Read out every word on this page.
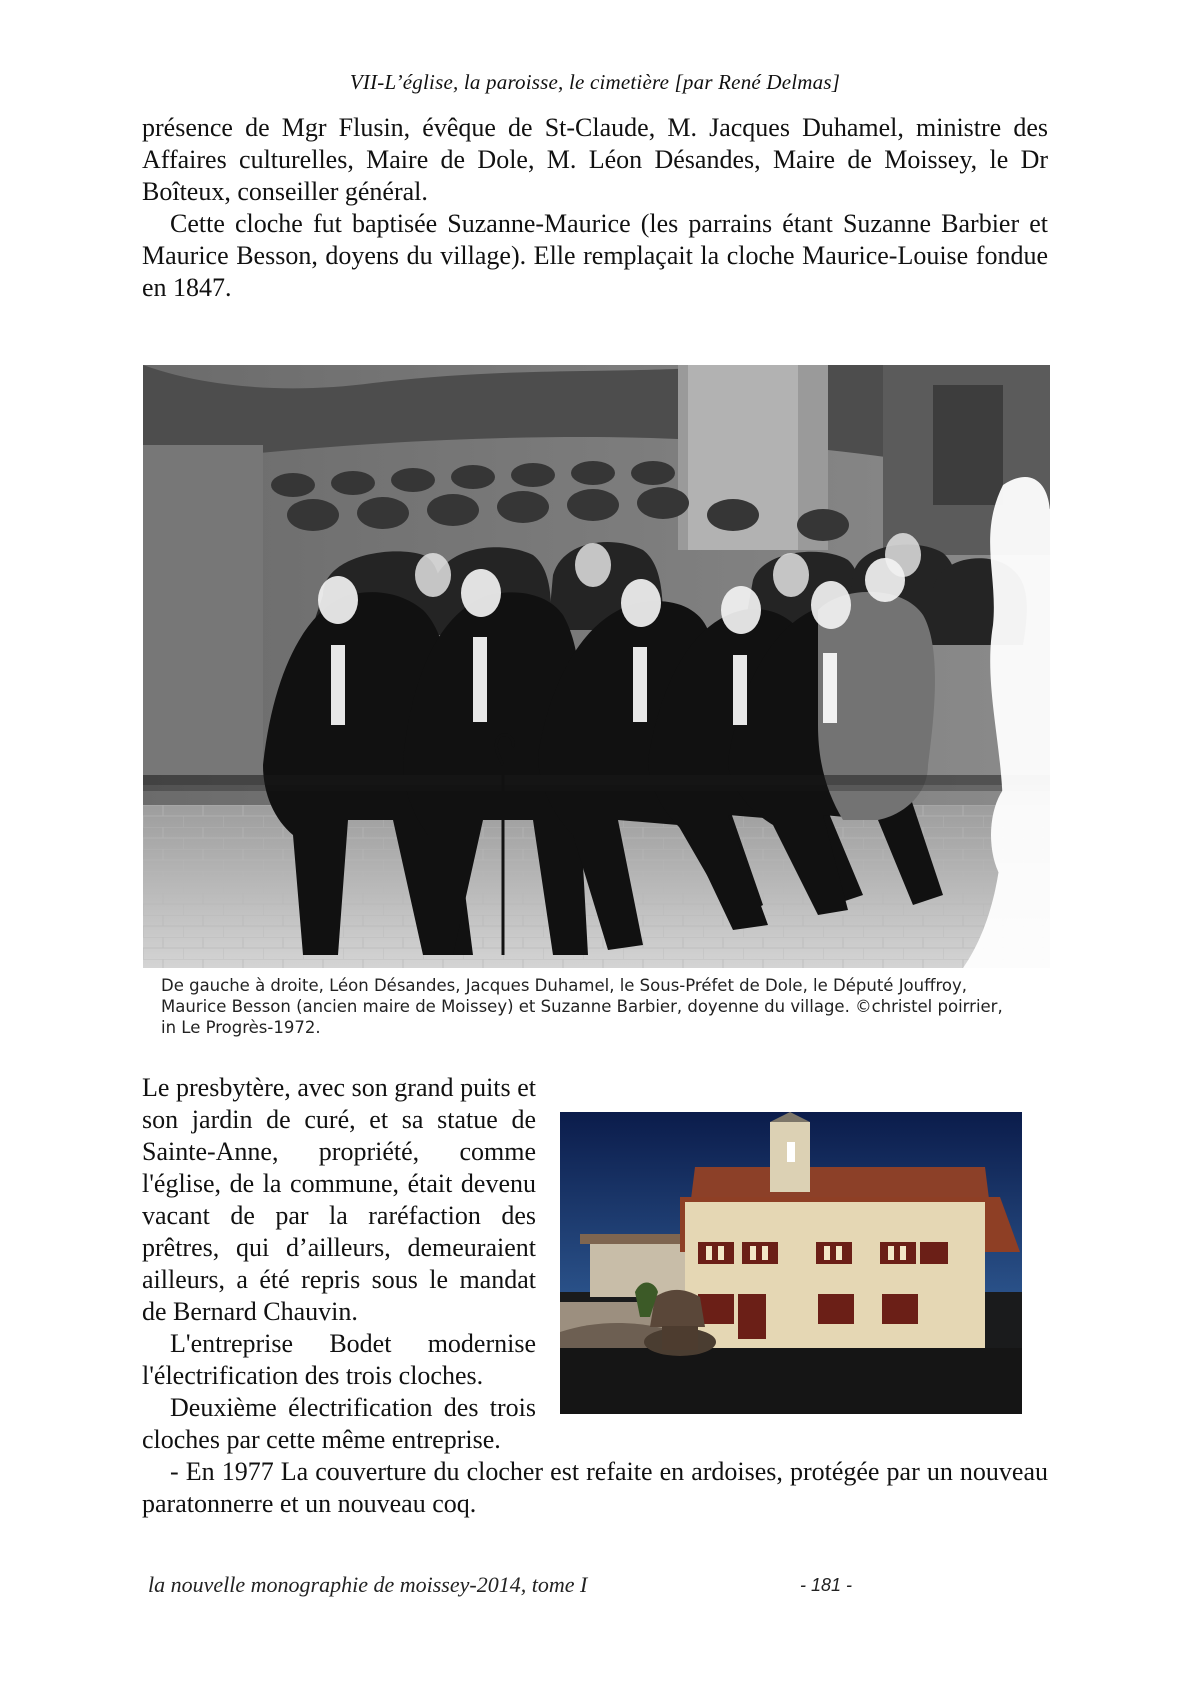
VII-L’église, la paroisse, le cimetière [par René Delmas]

présence de Mgr Flusin, évêque de St-Claude, M. Jacques Duhamel, ministre des Affaires culturelles, Maire de Dole, M. Léon Désandes, Maire de Moissey, le Dr Boîteux, conseiller général.

Cette cloche fut baptisée Suzanne-Maurice (les parrains étant Suzanne Barbier et Maurice Besson, doyens du village). Elle remplaçait la cloche Maurice-Louise fondue en 1847.

De gauche à droite, Léon Désandes, Jacques Duhamel, le Sous-Préfet de Dole, le Député Jouffroy, Maurice Besson (ancien maire de Moissey) et Suzanne Barbier, doyenne du village. ©christel poirrier, in Le Progrès-1972.

Le presbytère, avec son grand puits et son jardin de curé, et sa statue de Sainte-Anne, propriété, comme l'église, de la commune, était devenu vacant de par la raréfaction des prêtres, qui d’ailleurs, demeuraient ailleurs, a été repris sous le mandat de Bernard Chauvin.

L'entreprise Bodet modernise l'électrification des trois cloches.

Deuxième électrification des trois cloches par cette même entreprise.

- En 1977 La couverture du clocher est refaite en ardoises, protégée par un nouveau paratonnerre et un nouveau coq.

la nouvelle monographie de moissey-2014, tome I	- 181 -
